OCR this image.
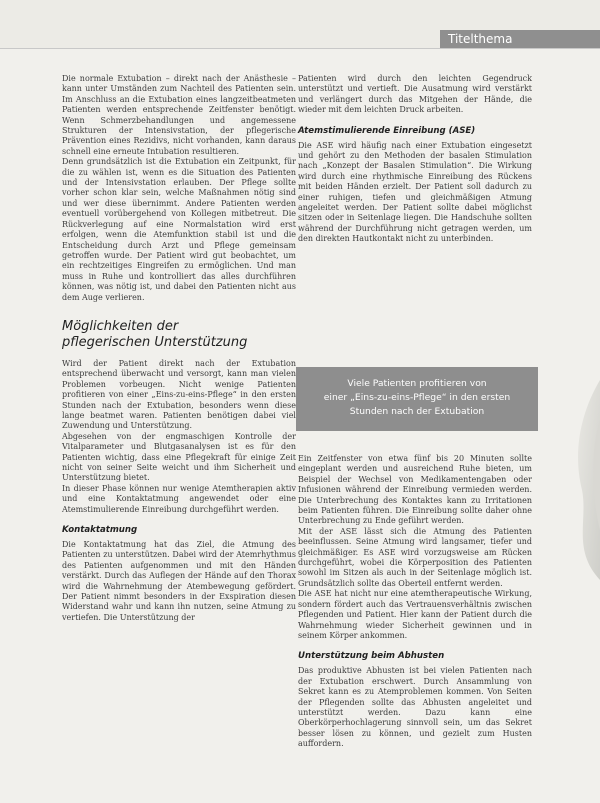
Titelthema

Die normale Extubation – direkt nach der Anästhesie – kann unter Umständen zum Nachteil des Patienten sein. Im Anschluss an die Extubation eines langzeitbeatmeten Patienten werden entsprechende Zeitfenster benötigt. Wenn Schmerzbehandlungen und angemessene Strukturen der Intensivstation, der pflegerische Prävention eines Rezidivs, nicht vorhanden, kann daraus schnell eine erneute Intubation resultieren.

Denn grundsätzlich ist die Extubation ein Zeitpunkt, für die zu wählen ist, wenn es die Situation des Patienten und der Intensivstation erlauben. Der Pflege sollte vorher schon klar sein, welche Maßnahmen nötig sind und wer diese übernimmt. Andere Patienten werden eventuell vorübergehend von Kollegen mitbetreut. Die Rückverlegung auf eine Normalstation wird erst erfolgen, wenn die Atemfunktion stabil ist und die Entscheidung durch Arzt und Pflege gemeinsam getroffen wurde. Der Patient wird gut beobachtet, um ein rechtzeitiges Eingreifen zu ermöglichen. Und man muss in Ruhe und kontrolliert das alles durchführen können, was nötig ist, und dabei den Patienten nicht aus dem Auge verlieren.

Möglichkeiten der
pflegerischen Unterstützung

Wird der Patient direkt nach der Extubation entsprechend überwacht und versorgt, kann man vielen Problemen vorbeugen. Nicht wenige Patienten profitieren von einer „Eins-zu-eins-Pflege“ in den ersten Stunden nach der Extubation, besonders wenn diese lange beatmet waren. Patienten benötigen dabei viel Zuwendung und Unterstützung.

Abgesehen von der engmaschigen Kontrolle der Vitalparameter und Blutgasanalysen ist es für den Patienten wichtig, dass eine Pflegekraft für einige Zeit nicht von seiner Seite weicht und ihm Sicherheit und Unterstützung bietet.

In dieser Phase können nur wenige Atemtherapien aktiv und eine Kontaktatmung angewendet oder eine Atemstimulierende Einreibung durchgeführt werden.

Kontaktatmung

Die Kontaktatmung hat das Ziel, die Atmung des Patienten zu unterstützen. Dabei wird der Atemrhythmus des Patienten aufgenommen und mit den Händen verstärkt. Durch das Auflegen der Hände auf den Thorax wird die Wahrnehmung der Atembewegung gefördert. Der Patient nimmt besonders in der Exspiration diesen Widerstand wahr und kann ihn nutzen, seine Atmung zu vertiefen. Die Unterstützung der

Patienten wird durch den leichten Gegendruck unterstützt und vertieft. Die Ausatmung wird verstärkt und verlängert durch das Mitgehen der Hände, die wieder mit dem leichten Druck arbeiten.

Atemstimulierende Einreibung (ASE)

Die ASE wird häufig nach einer Extubation eingesetzt und gehört zu den Methoden der basalen Stimulation nach „Konzept der Basalen Stimulation“. Die Wirkung wird durch eine rhythmische Einreibung des Rückens mit beiden Händen erzielt. Der Patient soll dadurch zu einer ruhigen, tiefen und gleichmäßigen Atmung angeleitet werden. Der Patient sollte dabei möglichst sitzen oder in Seitenlage liegen. Die Handschuhe sollten während der Durchführung nicht getragen werden, um den direkten Hautkontakt nicht zu unterbinden.

Viele Patienten profitieren von
einer „Eins-zu-eins-Pflege“ in den ersten
Stunden nach der Extubation

Ein Zeitfenster von etwa fünf bis 20 Minuten sollte eingeplant werden und ausreichend Ruhe bieten, um Beispiel der Wechsel von Medikamentengaben oder Infusionen während der Einreibung vermieden werden. Die Unterbrechung des Kontaktes kann zu Irritationen beim Patienten führen. Die Einreibung sollte daher ohne Unterbrechung zu Ende geführt werden.

Mit der ASE lässt sich die Atmung des Patienten beeinflussen. Seine Atmung wird langsamer, tiefer und gleichmäßiger. Es ASE wird vorzugsweise am Rücken durchgeführt, wobei die Körperposition des Patienten sowohl im Sitzen als auch in der Seitenlage möglich ist. Grundsätzlich sollte das Oberteil entfernt werden.

Die ASE hat nicht nur eine atemtherapeutische Wirkung, sondern fördert auch das Vertrauensverhältnis zwischen Pflegenden und Patient. Hier kann der Patient durch die Wahrnehmung wieder Sicherheit gewinnen und in seinem Körper ankommen.

Unterstützung beim Abhusten

Das produktive Abhusten ist bei vielen Patienten nach der Extubation erschwert. Durch Ansammlung von Sekret kann es zu Atemproblemen kommen. Von Seiten der Pflegenden sollte das Abhusten angeleitet und unterstützt werden. Dazu kann eine Oberkörperhochlagerung sinnvoll sein, um das Sekret besser lösen zu können, und gezielt zum Husten auffordern.
